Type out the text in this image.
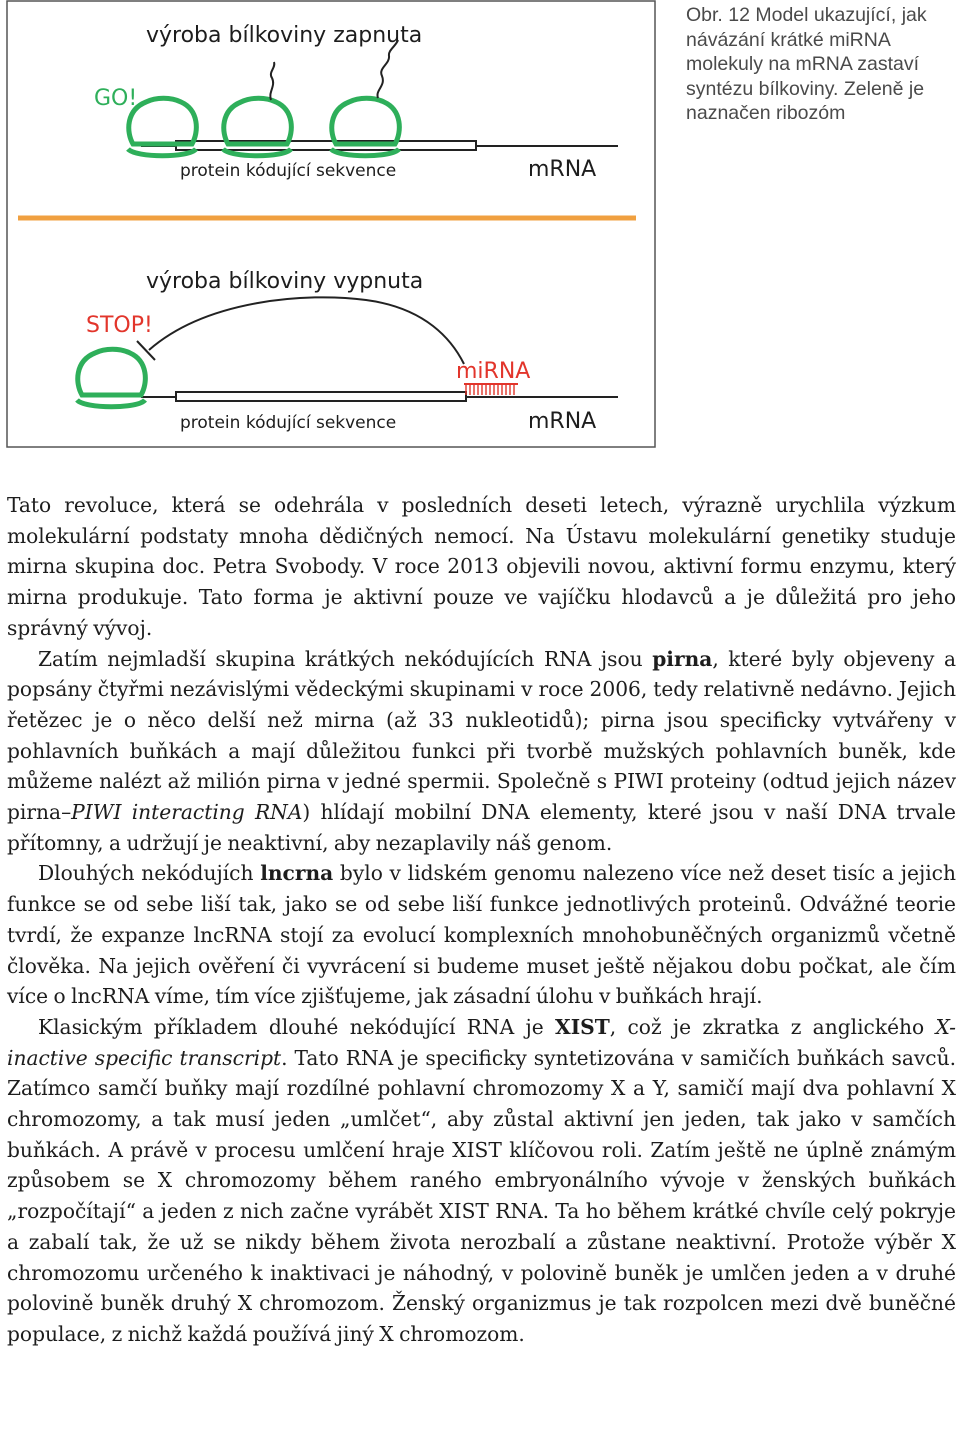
výroba bílkoviny zapnuta
GO!
protein kódující sekvence	mRNA
výroba bílkoviny vypnuta
STOP!
miRNA
protein kódující sekvence	mRNA
Obr. 12 Model ukazující, jak návázání krátké miRNA molekuly na mRNA zastaví syntézu bílkoviny. Zeleně je naznačen ribozóm

Tato revoluce, která se odehrála v posledních deseti letech, výrazně urychlila výzkum molekulární podstaty mnoha dědičných nemocí. Na Ústavu molekulární genetiky studuje mirna skupina doc. Petra Svobody. V roce 2013 objevili novou, aktivní formu enzymu, který mirna produkuje. Tato forma je aktivní pouze ve vajíčku hlodavců a je důležitá pro jeho správný vývoj.

Zatím nejmladší skupina krátkých nekódujících RNA jsou pirna, které byly objeveny a popsány čtyřmi nezávislými vědeckými skupinami v roce 2006, tedy relativně nedávno. Jejich řetězec je o něco delší než mirna (až 33 nukleotidů); pirna jsou specificky vytvářeny v pohlavních buňkách a mají důležitou funkci při tvorbě mužských pohlavních buněk, kde můžeme nalézt až milión pirna v jedné spermii. Společně s PIWI proteiny (odtud jejich název pirna–PIWI interacting RNA) hlídají mobilní DNA elementy, které jsou v naší DNA trvale přítomny, a udržují je neaktivní, aby nezaplavily náš genom.

Dlouhých nekódujích lncrna bylo v lidském genomu nalezeno více než deset tisíc a jejich funkce se od sebe liší tak, jako se od sebe liší funkce jednotlivých proteinů. Odvážné teorie tvrdí, že expanze lncRNA stojí za evolucí komplexních mnohobuněčných organizmů včetně člověka. Na jejich ověření či vyvrácení si budeme muset ještě nějakou dobu počkat, ale čím více o lncRNA víme, tím více zjišťujeme, jak zásadní úlohu v buňkách hrají.

Klasickým příkladem dlouhé nekódující RNA je XIST, což je zkratka z anglického X-inactive specific transcript. Tato RNA je specificky syntetizována v samičích buňkách savců. Zatímco samčí buňky mají rozdílné pohlavní chromozomy X a Y, samičí mají dva pohlavní X chromozomy, a tak musí jeden „umlčet“, aby zůstal aktivní jen jeden, tak jako v samčích buňkách. A právě v procesu umlčení hraje XIST klíčovou roli. Zatím ještě ne úplně známým způsobem se X chromozomy během raného embryonálního vývoje v ženských buňkách „rozpočítají“ a jeden z nich začne vyrábět XIST RNA. Ta ho během krátké chvíle celý pokryje a zabalí tak, že už se nikdy během života nerozbalí a zůstane neaktivní. Protože výběr X chromozomu určeného k inaktivaci je náhodný, v polovině buněk je umlčen jeden a v druhé polovině buněk druhý X chromozom. Ženský organizmus je tak rozpolcen mezi dvě buněčné populace, z nichž každá používá jiný X chromozom.
